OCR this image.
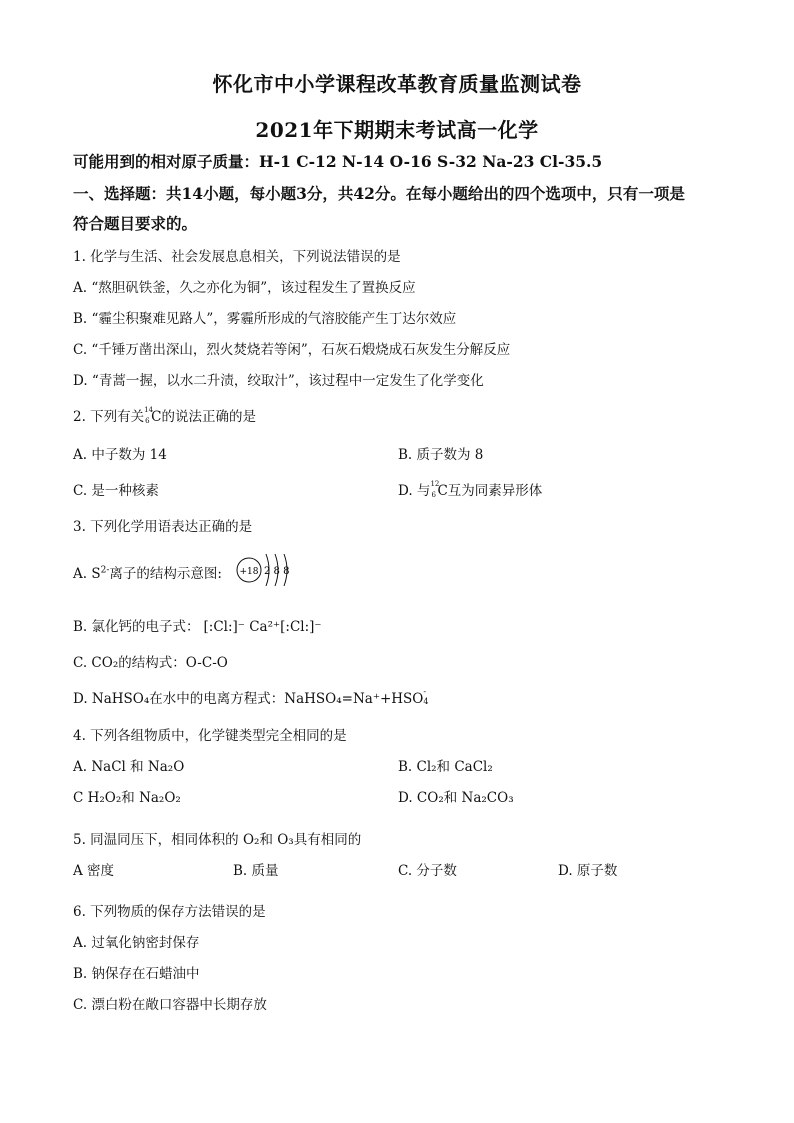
怀化市中小学课程改革教育质量监测试卷
2021年下期期末考试高一化学
可能用到的相对原子质量：H-1 C-12 N-14 O-16 S-32 Na-23 Cl-35.5
一、选择题：共14小题，每小题3分，共42分。在每小题给出的四个选项中，只有一项是
符合题目要求的。
1. 化学与生活、社会发展息息相关，下列说法错误的是
A. “熬胆矾铁釜，久之亦化为铜”，该过程发生了置换反应
B. “霾尘积聚难见路人”，雾霾所形成的气溶胶能产生丁达尔效应
C. “千锤万凿出深山，烈火焚烧若等闲”，石灰石煅烧成石灰发生分解反应
D. “青蒿一握，以水二升渍，绞取汁”，该过程中一定发生了化学变化
2. 下列有关 14
6 C的说法正确的是
A. 中子数为 14	B. 质子数为 8
C. 是一种核素	D. 与 12
6 C互为同素异形体
3. 下列化学用语表达正确的是
A. $S^{2-}$离子的结构示意图: +18 2 8 8
B. 氯化钙的电子式： [:Cl:]⁻ Ca²⁺[:Cl:]⁻
C. CO₂的结构式：O-C-O
D. NaHSO₄在水中的电离方程式：NaHSO₄=Na⁺+HSO -
4
4. 下列各组物质中，化学键类型完全相同的是
A. NaCl 和 Na₂O	B. Cl₂和 CaCl₂
C H₂O₂和 Na₂O₂	D. CO₂和 Na₂CO₃
5. 同温同压下，相同体积的 O₂和 O₃具有相同的
A 密度	B. 质量	C. 分子数	D. 原子数
6. 下列物质的保存方法错误的是
A. 过氧化钠密封保存
B. 钠保存在石蜡油中
C. 漂白粉在敞口容器中长期存放
